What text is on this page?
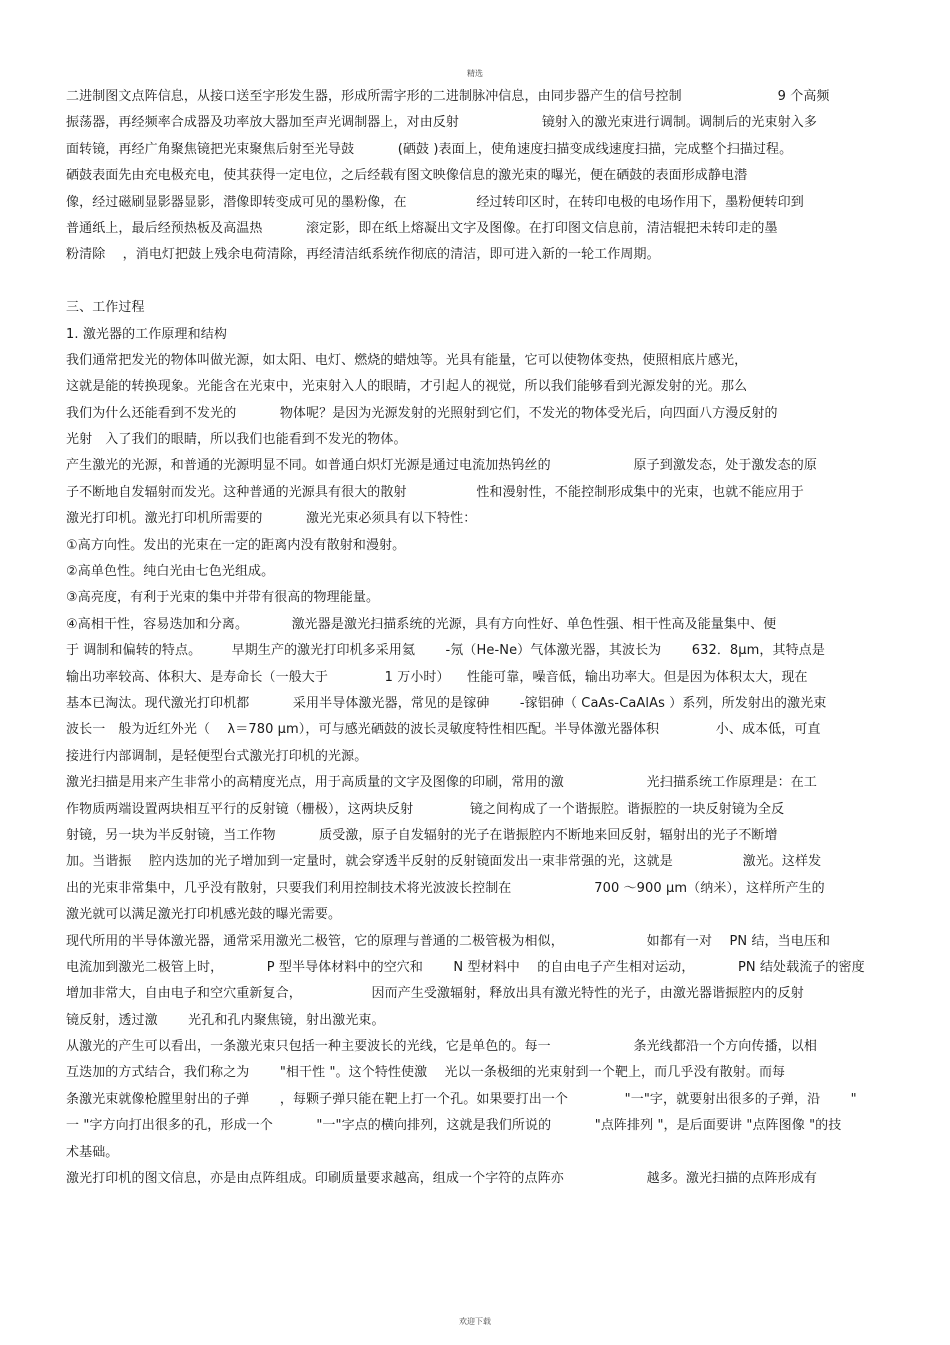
精选
二进制图文点阵信息，从接口送至字形发生器，形成所需字形的二进制脉冲信息，由同步器产生的信号控制 　　　　　　　9 个高频
振荡器，再经频率合成器及功率放大器加至声光调制器上，对由反射 　　　　　　镜射入的激光束进行调制。调制后的光束射入多
面转镜，再经广角聚焦镜把光束聚焦后射至光导鼓 　　　(硒鼓 )表面上，使角速度扫描变成线速度扫描，完成整个扫描过程。
硒鼓表面先由充电极充电，使其获得一定电位，之后经载有图文映像信息的激光束的曝光，便在硒鼓的表面形成静电潜
像，经过磁刷显影器显影，潜像即转变成可见的墨粉像，在 　　　　　经过转印区时，在转印电极的电场作用下，墨粉便转印到
普通纸上，最后经预热板及高温热 　　　滚定影，即在纸上熔凝出文字及图像。在打印图文信息前，清洁辊把未转印走的墨
粉清除 　，消电灯把鼓上残余电荷清除，再经清洁纸系统作彻底的清洁，即可进入新的一轮工作周期。
三、工作过程
1. 激光器的工作原理和结构
我们通常把发光的物体叫做光源，如太阳、电灯、燃烧的蜡烛等。光具有能量，它可以使物体变热，使照相底片感光，
这就是能的转换现象。光能含在光束中，光束射入人的眼睛，才引起人的视觉，所以我们能够看到光源发射的光。那么
我们为什么还能看到不发光的 　　　物体呢？是因为光源发射的光照射到它们，不发光的物体受光后，向四面八方漫反射的
光射　入了我们的眼睛，所以我们也能看到不发光的物体。
产生激光的光源，和普通的光源明显不同。如普通白炽灯光源是通过电流加热钨丝的 　　　　　　原子到激发态，处于激发态的原
子不断地自发辐射而发光。这种普通的光源具有很大的散射 　　　　　性和漫射性，不能控制形成集中的光束，也就不能应用于
激光打印机。激光打印机所需要的 　　　激光光束必须具有以下特性：
①高方向性。发出的光束在一定的距离内没有散射和漫射。
②高单色性。纯白光由七色光组成。
③高亮度，有利于光束的集中并带有很高的物理能量。
④高相干性，容易迭加和分离。 　　　激光器是激光扫描系统的光源，具有方向性好、单色性强、相干性高及能量集中、便
于 调制和偏转的特点。 　　早期生产的激光打印机多采用氦 　　-氖（He-Ne）气体激光器，其波长为 　　632．8μm，其特点是
输出功率较高、体积大、是寿命长（一般大于 　　　　1 万小时） 　性能可靠，噪音低，输出功率大。但是因为体积太大，现在
基本已淘汰。现代激光打印机都 　　　采用半导体激光器，常见的是镓砷 　　-镓铝砷（ CaAs-CaAlAs ）系列，所发射出的激光束
波长一　般为近红外光（ 　λ＝780 μm），可与感光硒鼓的波长灵敏度特性相匹配。半导体激光器体积 　　　　小、成本低，可直
接进行内部调制，是轻便型台式激光打印机的光源。
激光扫描是用来产生非常小的高精度光点，用于高质量的文字及图像的印刷，常用的激 　　　　　　光扫描系统工作原理是：在工
作物质两端设置两块相互平行的反射镜（栅极），这两块反射 　　　　镜之间构成了一个谐振腔。谐振腔的一块反射镜为全反
射镜，另一块为半反射镜，当工作物 　　　质受激，原子自发辐射的光子在谐振腔内不断地来回反射，辐射出的光子不断增
加。当谐振 　腔内迭加的光子增加到一定量时，就会穿透半反射的反射镜面发出一束非常强的光，这就是 　　　　　激光。这样发
出的光束非常集中，几乎没有散射，只要我们利用控制技术将光波波长控制在 　　　　　　700 ～900 μm（纳米），这样所产生的
激光就可以满足激光打印机感光鼓的曝光需要。
现代所用的半导体激光器，通常采用激光二极管，它的原理与普通的二极管极为相似， 　　　　　　如都有一对 　PN 结，当电压和
电流加到激光二极管上时， 　　　P 型半导体材料中的空穴和 　　N 型材料中 　的自由电子产生相对运动， 　　　PN 结处载流子的密度
增加非常大，自由电子和空穴重新复合， 　　　　　因而产生受激辐射，释放出具有激光特性的光子，由激光器谐振腔内的反射
镜反射，透过激 　　光孔和孔内聚焦镜，射出激光束。
从激光的产生可以看出，一条激光束只包括一种主要波长的光线，它是单色的。每一 　　　　　　条光线都沿一个方向传播，以相
互迭加的方式结合，我们称之为 　　"相干性 "。这个特性使激 　光以一条极细的光束射到一个靶上，而几乎没有散射。而每
条激光束就像枪膛里射出的子弹 　　，每颗子弹只能在靶上打一个孔。如果要打出一个 　　　　"一"字，就要射出很多的子弹，沿 　　"
一 "字方向打出很多的孔，形成一个 　　　"一"字点的横向排列，这就是我们所说的 　　　"点阵排列 "，是后面要讲 "点阵图像 "的技
术基础。
激光打印机的图文信息，亦是由点阵组成。印刷质量要求越高，组成一个字符的点阵亦 　　　　　　越多。激光扫描的点阵形成有
欢迎下载
